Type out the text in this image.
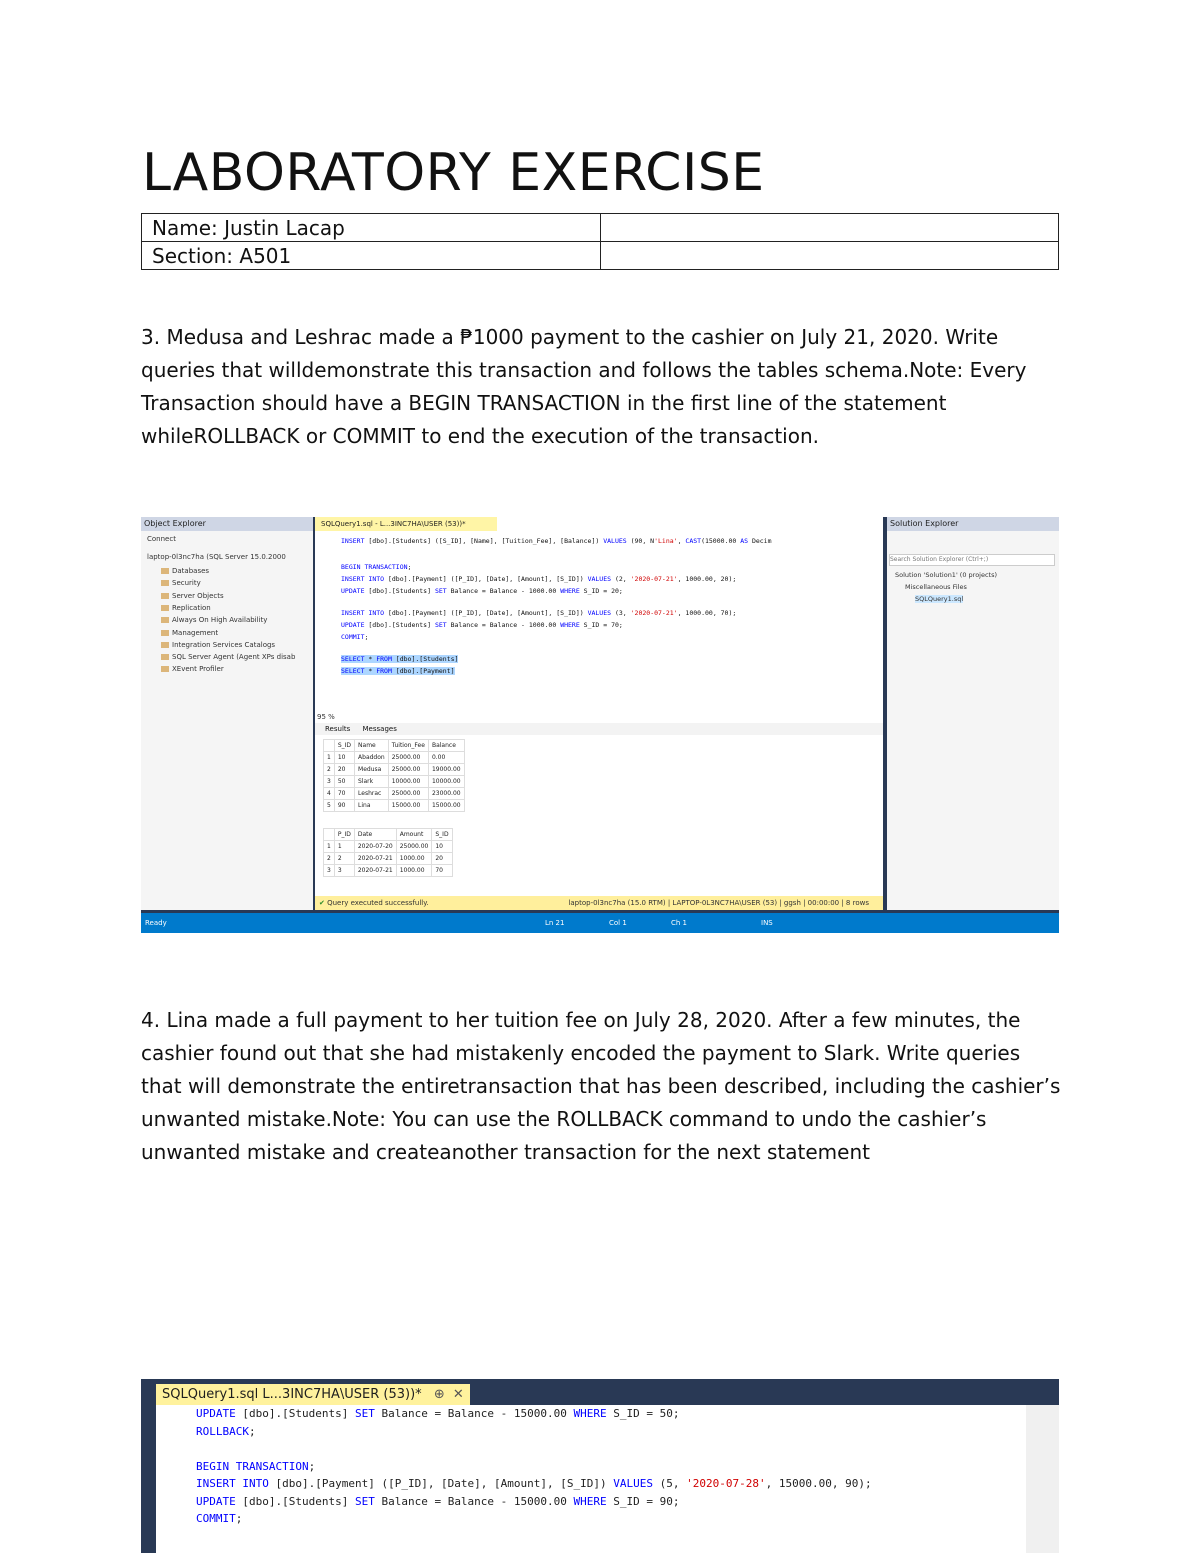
LABORATORY EXERCISE
Name: Justin Lacap	
Section: A501	

3. Medusa and Leshrac made a ₱1000 payment to the cashier on July 21, 2020. Write queries that willdemonstrate this transaction and follows the tables schema.Note: Every Transaction should have a BEGIN TRANSACTION in the first line of the statement whileROLLBACK or COMMIT to end the execution of the transaction.

Object Explorer
Connect
laptop-0l3nc7ha (SQL Server 15.0.2000
Databases
Security
Server Objects
Replication
Always On High Availability
Management
Integration Services Catalogs
SQL Server Agent (Agent XPs disab
XEvent Profiler
SQLQuery1.sql - L...3INC7HA\USER (53))*
INSERT [dbo].[Students] ([S_ID], [Name], [Tuition_Fee], [Balance]) VALUES (90, N'Lina', CAST(15000.00 AS Decim
BEGIN TRANSACTION;
INSERT INTO [dbo].[Payment] ([P_ID], [Date], [Amount], [S_ID]) VALUES (2, '2020-07-21', 1000.00, 20);
UPDATE [dbo].[Students] SET Balance = Balance - 1000.00 WHERE S_ID = 20;
INSERT INTO [dbo].[Payment] ([P_ID], [Date], [Amount], [S_ID]) VALUES (3, '2020-07-21', 1000.00, 70);
UPDATE [dbo].[Students] SET Balance = Balance - 1000.00 WHERE S_ID = 70;
COMMIT;
SELECT * FROM [dbo].[Students]
SELECT * FROM [dbo].[Payment]
95 %
Results Messages
	S_ID	Name	Tuition_Fee	Balance
1	10	Abaddon	25000.00	0.00
2	20	Medusa	25000.00	19000.00
3	50	Slark	10000.00	10000.00
4	70	Leshrac	25000.00	23000.00
5	90	Lina	15000.00	15000.00
	P_ID	Date	Amount	S_ID
1	1	2020-07-20	25000.00	10
2	2	2020-07-21	1000.00	20
3	3	2020-07-21	1000.00	70
✔ Query executed successfully.	laptop-0l3nc7ha (15.0 RTM) | LAPTOP-0L3NC7HA\USER (53) | ggsh | 00:00:00 | 8 rows
Solution Explorer
Search Solution Explorer (Ctrl+;)
Solution 'Solution1' (0 projects)
Miscellaneous Files
SQLQuery1.sql
Ready	Ln 21	Col 1	Ch 1	INS

4. Lina made a full payment to her tuition fee on July 28, 2020. After a few minutes, the cashier found out that she had mistakenly encoded the payment to Slark. Write queries that will demonstrate the entiretransaction that has been described, including the cashier’s unwanted mistake.Note: You can use the ROLLBACK command to undo the cashier’s unwanted mistake and createanother transaction for the next statement

SQLQuery1.sql L...3INC7HA\USER (53))* ⊕ ✕
UPDATE [dbo].[Students] SET Balance = Balance - 15000.00 WHERE S_ID = 50;
ROLLBACK;
BEGIN TRANSACTION;
INSERT INTO [dbo].[Payment] ([P_ID], [Date], [Amount], [S_ID]) VALUES (5, '2020-07-28', 15000.00, 90);
UPDATE [dbo].[Students] SET Balance = Balance - 15000.00 WHERE S_ID = 90;
COMMIT;
